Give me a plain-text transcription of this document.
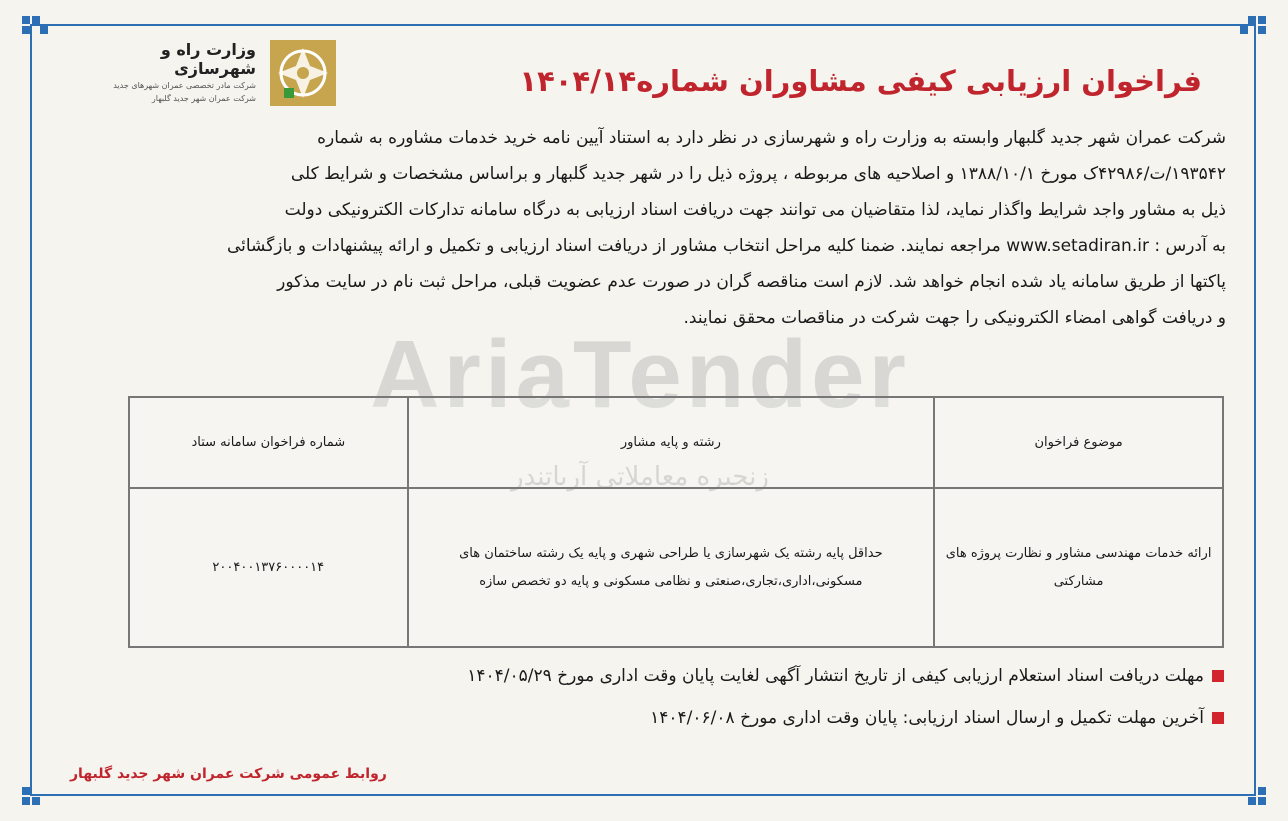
وزارت راه و شهرسازی
شرکت مادر تخصصی عمران شهرهای جدید
شرکت عمران شهر جدید گلبهار
فراخوان ارزیابی کیفی مشاوران شماره۱۴۰۴/۱۴

شرکت عمران شهر جدید گلبهار وابسته به وزارت راه و شهرسازی در نظر دارد به استناد آیین نامه خرید خدمات مشاوره به شماره

۱۹۳۵۴۲/ت/۴۲۹۸۶ک مورخ ۱۳۸۸/۱۰/۱ و اصلاحیه های مربوطه ، پروژه ذیل را در شهر جدید گلبهار و براساس مشخصات و شرایط کلی

ذیل به مشاور واجد شرایط واگذار نماید، لذا متقاضیان می توانند جهت دریافت اسناد ارزیابی به درگاه سامانه تدارکات الکترونیکی دولت

به آدرس : www.setadiran.ir مراجعه نمایند. ضمنا کلیه مراحل انتخاب مشاور از دریافت اسناد ارزیابی و تکمیل و ارائه پیشنهادات و بازگشائی

پاکتها از طریق سامانه یاد شده انجام خواهد شد. لازم است مناقصه گران در صورت عدم عضویت قبلی، مراحل ثبت نام در سایت مذکور

و دریافت گواهی امضاء الکترونیکی را جهت شرکت در مناقصات محقق نمایند.

AriaTender
زنجیره معاملاتی آریاتندر
موضوع فراخوان	رشته و پایه مشاور	شماره فراخوان سامانه ستاد
ارائه خدمات مهندسی مشاور و نظارت پروژه های مشارکتی	حداقل پایه رشته یک شهرسازی یا طراحی شهری و پایه یک رشته ساختمان های مسکونی،اداری،تجاری،صنعتی و نظامی مسکونی و پایه دو تخصص سازه	۲۰۰۴۰۰۱۳۷۶۰۰۰۰۱۴
مهلت دریافت اسناد استعلام ارزیابی کیفی از تاریخ انتشار آگهی لغایت پایان وقت اداری مورخ ۱۴۰۴/۰۵/۲۹
آخرین مهلت تکمیل و ارسال اسناد ارزیابی: پایان وقت اداری مورخ ۱۴۰۴/۰۶/۰۸
روابط عمومی شرکت عمران شهر جدید گلبهار
